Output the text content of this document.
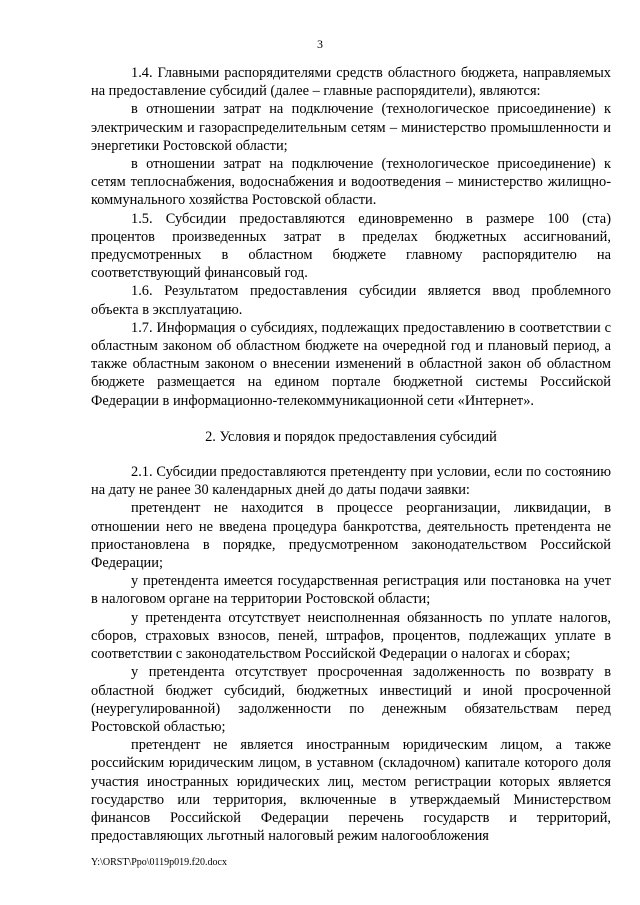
3

1.4. Главными распорядителями средств областного бюджета, направляемых на предоставление субсидий (далее – главные распорядители), являются:

в отношении затрат на подключение (технологическое присоединение) к электрическим и газораспределительным сетям – министерство промышленности и энергетики Ростовской области;

в отношении затрат на подключение (технологическое присоединение) к сетям теплоснабжения, водоснабжения и водоотведения – министерство жилищно-коммунального хозяйства Ростовской области.

1.5. Субсидии предоставляются единовременно в размере 100 (ста) процентов произведенных затрат в пределах бюджетных ассигнований, предусмотренных в областном бюджете главному распорядителю на соответствующий финансовый год.

1.6. Результатом предоставления субсидии является ввод проблемного объекта в эксплуатацию.

1.7. Информация о субсидиях, подлежащих предоставлению в соответствии с областным законом об областном бюджете на очередной год и плановый период, а также областным законом о внесении изменений в областной закон об областном бюджете размещается на едином портале бюджетной системы Российской Федерации в информационно-телекоммуникационной сети «Интернет».

2. Условия и порядок предоставления субсидий

2.1. Субсидии предоставляются претенденту при условии, если по состоянию на дату не ранее 30 календарных дней до даты подачи заявки:

претендент не находится в процессе реорганизации, ликвидации, в отношении него не введена процедура банкротства, деятельность претендента не приостановлена в порядке, предусмотренном законодательством Российской Федерации;

у претендента имеется государственная регистрация или постановка на учет в налоговом органе на территории Ростовской области;

у претендента отсутствует неисполненная обязанность по уплате налогов, сборов, страховых взносов, пеней, штрафов, процентов, подлежащих уплате в соответствии с законодательством Российской Федерации о налогах и сборах;

у претендента отсутствует просроченная задолженность по возврату в областной бюджет субсидий, бюджетных инвестиций и иной просроченной (неурегулированной) задолженности по денежным обязательствам перед Ростовской областью;

претендент не является иностранным юридическим лицом, а также российским юридическим лицом, в уставном (складочном) капитале которого доля участия иностранных юридических лиц, местом регистрации которых является государство или территория, включенные в утверждаемый Министерством финансов Российской Федерации перечень государств и территорий, предоставляющих льготный налоговый режим налогообложения

Y:\ORST\Ppo\0119p019.f20.docx
